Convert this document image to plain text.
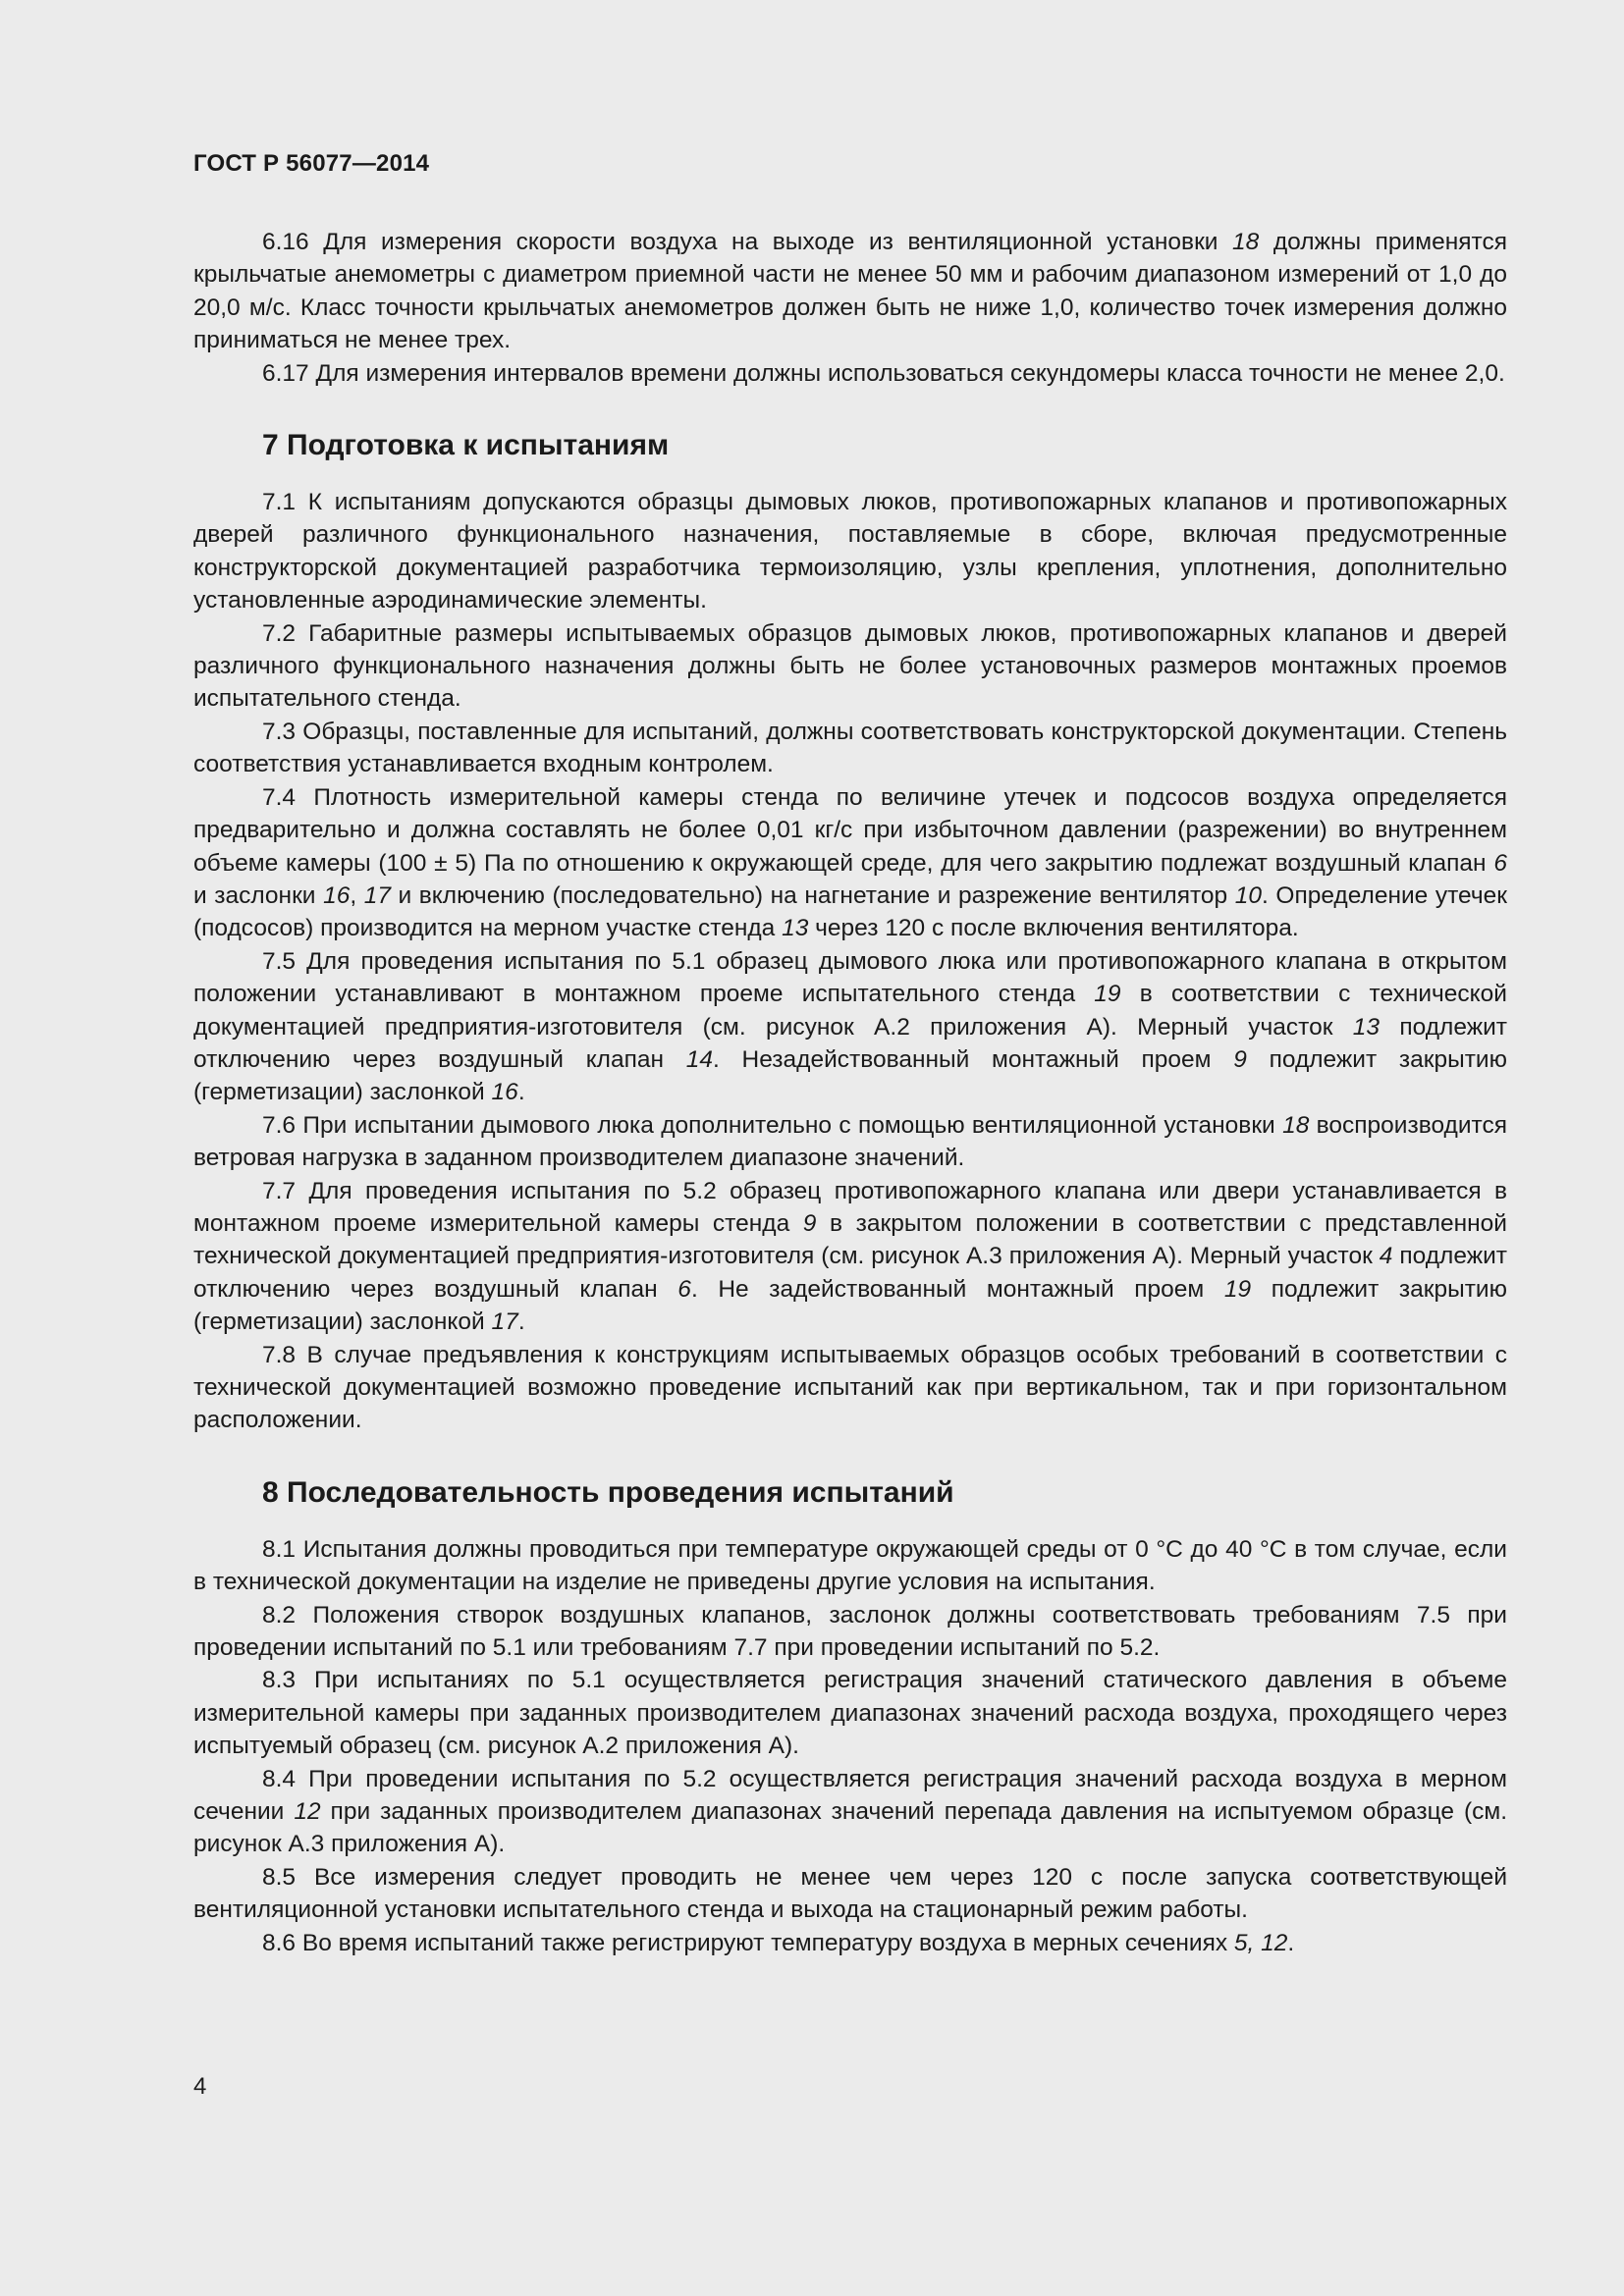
ГОСТ Р 56077—2014

6.16 Для измерения скорости воздуха на выходе из вентиляционной установки 18 должны применятся крыльчатые анемометры с диаметром приемной части не менее 50 мм и рабочим диапазоном измерений от 1,0 до 20,0 м/с. Класс точности крыльчатых анемометров должен быть не ниже 1,0, количество точек измерения должно приниматься не менее трех.

6.17 Для измерения интервалов времени должны использоваться секундомеры класса точности не менее 2,0.

7 Подготовка к испытаниям

7.1 К испытаниям допускаются образцы дымовых люков, противопожарных клапанов и противопожарных дверей различного функционального назначения, поставляемые в сборе, включая предусмотренные конструкторской документацией разработчика термоизоляцию, узлы крепления, уплотнения, дополнительно установленные аэродинамические элементы.

7.2 Габаритные размеры испытываемых образцов дымовых люков, противопожарных клапанов и дверей различного функционального назначения должны быть не более установочных размеров монтажных проемов испытательного стенда.

7.3 Образцы, поставленные для испытаний, должны соответствовать конструкторской документации. Степень соответствия устанавливается входным контролем.

7.4 Плотность измерительной камеры стенда по величине утечек и подсосов воздуха определяется предварительно и должна составлять не более 0,01 кг/с при избыточном давлении (разрежении) во внутреннем объеме камеры (100 ± 5) Па по отношению к окружающей среде, для чего закрытию подлежат воздушный клапан 6 и заслонки 16, 17 и включению (последовательно) на нагнетание и разрежение вентилятор 10. Определение утечек (подсосов) производится на мерном участке стенда 13 через 120 с после включения вентилятора.

7.5 Для проведения испытания по 5.1 образец дымового люка или противопожарного клапана в открытом положении устанавливают в монтажном проеме испытательного стенда 19 в соответствии с технической документацией предприятия-изготовителя (см. рисунок А.2 приложения А). Мерный участок 13 подлежит отключению через воздушный клапан 14. Незадействованный монтажный проем 9 подлежит закрытию (герметизации) заслонкой 16.

7.6 При испытании дымового люка дополнительно с помощью вентиляционной установки 18 воспроизводится ветровая нагрузка в заданном производителем диапазоне значений.

7.7 Для проведения испытания по 5.2 образец противопожарного клапана или двери устанавливается в монтажном проеме измерительной камеры стенда 9 в закрытом положении в соответствии с представленной технической документацией предприятия-изготовителя (см. рисунок А.3 приложения А). Мерный участок 4 подлежит отключению через воздушный клапан 6. Не задействованный монтажный проем 19 подлежит закрытию (герметизации) заслонкой 17.

7.8 В случае предъявления к конструкциям испытываемых образцов особых требований в соответствии с технической документацией возможно проведение испытаний как при вертикальном, так и при горизонтальном расположении.

8 Последовательность проведения испытаний

8.1 Испытания должны проводиться при температуре окружающей среды от 0 °С до 40 °С в том случае, если в технической документации на изделие не приведены другие условия на испытания.

8.2 Положения створок воздушных клапанов, заслонок должны соответствовать требованиям 7.5 при проведении испытаний по 5.1 или требованиям 7.7 при проведении испытаний по 5.2.

8.3 При испытаниях по 5.1 осуществляется регистрация значений статического давления в объеме измерительной камеры при заданных производителем диапазонах значений расхода воздуха, проходящего через испытуемый образец (см. рисунок А.2 приложения А).

8.4 При проведении испытания по 5.2 осуществляется регистрация значений расхода воздуха в мерном сечении 12 при заданных производителем диапазонах значений перепада давления на испытуемом образце (см. рисунок А.3 приложения А).

8.5 Все измерения следует проводить не менее чем через 120 с после запуска соответствующей вентиляционной установки испытательного стенда и выхода на стационарный режим работы.

8.6 Во время испытаний также регистрируют температуру воздуха в мерных сечениях 5, 12.

4
